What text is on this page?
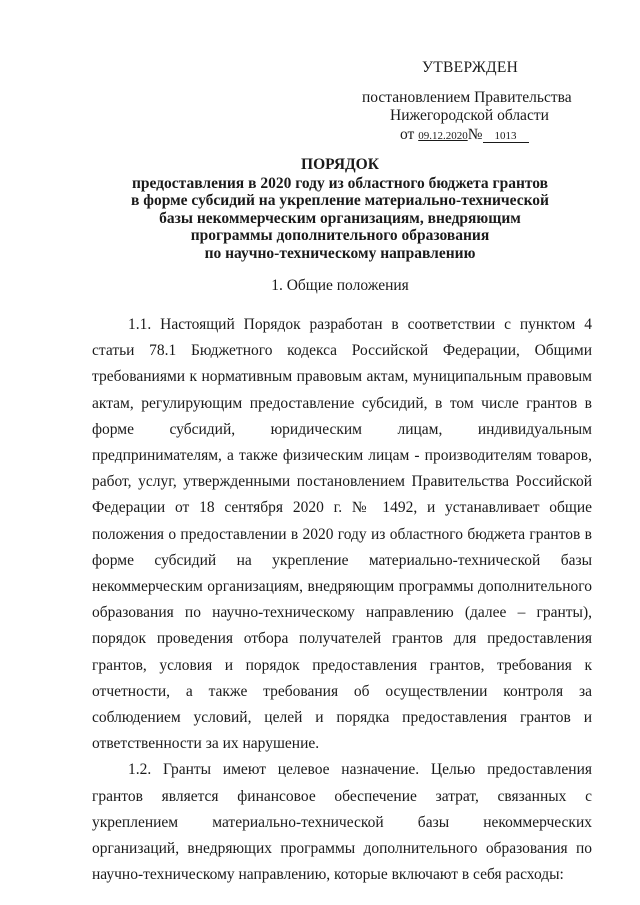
УТВЕРЖДЕН
постановлением Правительства
Нижегородской области
от 09.12.2020№ 1013
ПОРЯДОК
предоставления в 2020 году из областного бюджета грантов
в форме субсидий на укрепление материально-технической
базы некоммерческим организациям, внедряющим
программы дополнительного образования
по научно-техническому направлению
1. Общие положения

1.1. Настоящий Порядок разработан в соответствии с пунктом 4 статьи 78.1 Бюджетного кодекса Российской Федерации, Общими требованиями к нормативным правовым актам, муниципальным правовым актам, регулирующим предоставление субсидий, в том числе грантов в форме субсидий, юридическим лицам, индивидуальным предпринимателям, а также физическим лицам - производителям товаров, работ, услуг, утвержденными постановлением Правительства Российской Федерации от 18 сентября 2020 г. № 1492, и устанавливает общие положения о предоставлении в 2020 году из областного бюджета грантов в форме субсидий на укрепление материально-технической базы некоммерческим организациям, внедряющим программы дополнительного образования по научно-техническому направлению (далее – гранты), порядок проведения отбора получателей грантов для предоставления грантов, условия и порядок предоставления грантов, требования к отчетности, а также требования об осуществлении контроля за соблюдением условий, целей и порядка предоставления грантов и ответственности за их нарушение.

1.2. Гранты имеют целевое назначение. Целью предоставления грантов является финансовое обеспечение затрат, связанных с укреплением материально-технической базы некоммерческих организаций, внедряющих программы дополнительного образования по научно-техническому направлению, которые включают в себя расходы:
